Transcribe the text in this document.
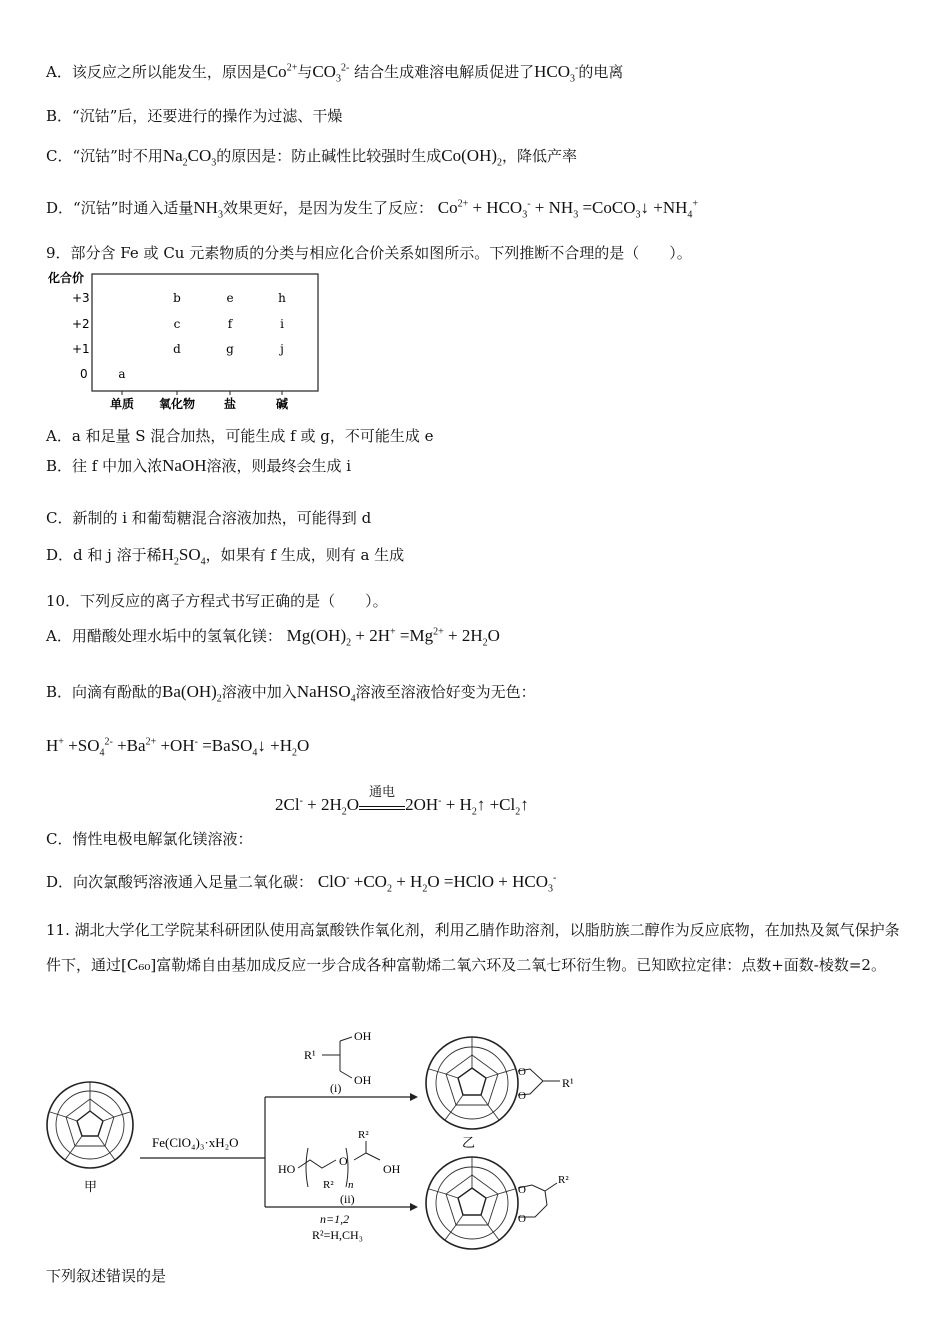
A．该反应之所以能发生，原因是$Co^{2+}$与$CO_3^{2-}$ 结合生成难溶电解质促进了$HCO_3^-$的电离
B．“沉钴”后，还要进行的操作为过滤、干燥
C．“沉钴”时不用$Na_2CO_3$的原因是：防止碱性比较强时生成$Co(OH)_2$，降低产率
D．“沉钴”时通入适量$NH_3$效果更好，是因为发生了反应： $Co^{2+} + HCO_3^- + NH_3$ =CoCO$_3$↓ $+NH_4^+$
9．部分含 Fe 或 Cu 元素物质的分类与相应化合价关系如图所示。下列推断不合理的是（　　）。
化合价
+3
+2
+1
0
单质 氧化物 盐	碱
a
b
c
d
e
f
g
h
i
j
A．a 和足量 S 混合加热，可能生成 f 或 g，不可能生成 e
B．往 f 中加入浓NaOH溶液，则最终会生成 i
C．新制的 i 和葡萄糖混合溶液加热，可能得到 d
D．d 和 j 溶于稀$H_2SO_4$，如果有 f 生成，则有 a 生成
10．下列反应的离子方程式书写正确的是（　　）。
A．用醋酸处理水垢中的氢氧化镁： $Mg(OH)_2 + 2H^+ =Mg^{2+} + 2H_2O$
B．向滴有酚酞的$Ba(OH)_2$溶液中加入NaHSO$_4$溶液至溶液恰好变为无色：
$H^+ +SO_4^{2-} +Ba^{2+} +OH^-$ =BaSO$_4$↓ $+H_2O$
$2Cl^- + 2H_2O$
通电
$2OH^- + H_2↑$ $+Cl_2↑$
C．惰性电极电解氯化镁溶液：
D．向次氯酸钙溶液通入足量二氧化碳： $ClO^- +CO_2 + H_2O$ =HClO + $HCO_3^-$
11. 湖北大学化工学院某科研团队使用高氯酸铁作氧化剂，利用乙腈作助溶剂，以脂肪族二醇作为反应底物，在加热及氮气保护条件下，通过[C₆₀]富勒烯自由基加成反应一步合成各种富勒烯二氧六环及二氧七环衍生物。已知欧拉定律：点数+面数-棱数=2。
甲
Fe(ClO₄)₃·xH₂O
R¹
OH
OH
(i)
HO
O
n
R²
R²
OH
(ii)
n=1,2
R²=H,CH₃
O
O
R¹
乙
O
O
R²
下列叙述错误的是
